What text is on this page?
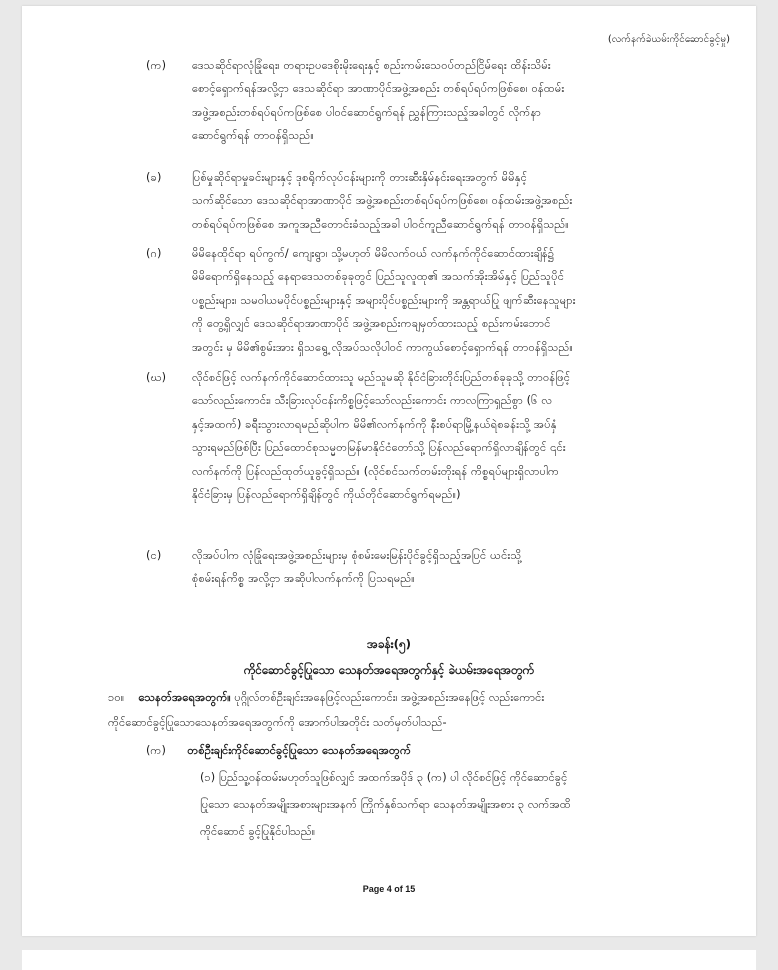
(လက်နက်ခဲယမ်းကိုင်ဆောင်ခွင့်မှု)
(က) ဒေသဆိုင်ရာလုံခြုံရေး၊ တရားဥပဒေစိုးမိုးရေးနှင့် စည်းကမ်းသေဝပ်တည်ငြိမ်ရေး ထိန်းသိမ်း
စောင့်ရှောက်ရန်အလို့ငှာ ဒေသဆိုင်ရာ အာဏာပိုင်အဖွဲ့အစည်း တစ်ရပ်ရပ်ကဖြစ်စေ၊ ဝန်ထမ်း
အဖွဲ့အစည်းတစ်ရပ်ရပ်ကဖြစ်စေ ပါဝင်ဆောင်ရွက်ရန် ညွှန်ကြားသည့်အခါတွင် လိုက်နာ
ဆောင်ရွက်ရန် တာဝန်ရှိသည်။
(ခ)	ပြစ်မှုဆိုင်ရာမှုခင်းများနှင့် ဒုစရိုက်လုပ်ငန်းများကို တားဆီးနှိမ်နင်းရေးအတွက် မိမိနှင့်
သက်ဆိုင်သော ဒေသဆိုင်ရာအာဏာပိုင် အဖွဲ့အစည်းတစ်ရပ်ရပ်ကဖြစ်စေ၊ ဝန်ထမ်းအဖွဲ့အစည်း
တစ်ရပ်ရပ်ကဖြစ်စေ အကူအညီတောင်းခံသည့်အခါ ပါဝင်ကူညီဆောင်ရွက်ရန် တာဝန်ရှိသည်။
(ဂ)	မိမိနေထိုင်ရာ ရပ်ကွက်/ ကျေးရွာ၊ သို့မဟုတ် မိမိလက်ဝယ် လက်နက်ကိုင်ဆောင်ထားချိန်၌
မိမိရောက်ရှိနေသည့် နေရာဒေသတစ်ခုခုတွင် ပြည်သူလူထု၏ အသက်အိုးအိမ်နှင့် ပြည်သူပိုင်
ပစ္စည်းများ၊ သမဝါယမပိုင်ပစ္စည်းများနှင့် အများပိုင်ပစ္စည်းများကို အန္တရာယ်ပြု ဖျက်ဆီးနေသူများ
ကို တွေ့ရှိလျှင် ဒေသဆိုင်ရာအာဏာပိုင် အဖွဲ့အစည်းကချမှတ်ထားသည့် စည်းကမ်းဘောင်
အတွင်း မှ မိမိ၏စွမ်းအား ရှိသရွေ့ လိုအပ်သလိုပါဝင် ကာကွယ်စောင့်ရှောက်ရန် တာဝန်ရှိသည်။
(ဃ) လိုင်စင်ဖြင့် လက်နက်ကိုင်ဆောင်ထားသူ မည်သူမဆို နိုင်ငံခြားတိုင်းပြည်တစ်ခုခုသို့ တာဝန်ဖြင့်
သော်လည်းကောင်း၊ သီးခြားလုပ်ငန်းကိစ္စဖြင့်သော်လည်းကောင်း ကာလကြာရှည်စွာ (၆ လ
နှင့်အထက်) ခရီးသွားလာရမည်ဆိုပါက မိမိ၏လက်နက်ကို နီးစပ်ရာမြို့နယ်ရဲစခန်းသို့ အပ်နှံ
သွားရမည်ဖြစ်ပြီး ပြည်ထောင်စုသမ္မတမြန်မာနိုင်ငံတော်သို့ ပြန်လည်ရောက်ရှိလာချိန်တွင် ၎င်း
လက်နက်ကို ပြန်လည်ထုတ်ယူခွင့်ရှိသည်။ (လိုင်စင်သက်တမ်းတိုးရန် ကိစ္စရပ်များရှိလာပါက
နိုင်ငံခြားမှ ပြန်လည်ရောက်ရှိချိန်တွင် ကိုယ်တိုင်ဆောင်ရွက်ရမည်။)
(င)	လိုအပ်ပါက လုံခြုံရေးအဖွဲ့အစည်းများမှ စုံစမ်းမေးမြန်းပိုင်ခွင့်ရှိသည့်အပြင် ယင်းသို့
စုံစမ်းရန်ကိစ္စ အလို့ငှာ အဆိုပါလက်နက်ကို ပြသရမည်။
အခန်း(၅)
ကိုင်ဆောင်ခွင့်ပြုသော သေနတ်အရေအတွက်နှင့် ခဲယမ်းအရေအတွက်
၁၀။ သေနတ်အရေအတွက်။ ပုဂ္ဂိုလ်တစ်ဦးချင်းအနေဖြင့်လည်းကောင်း၊ အဖွဲ့အစည်းအနေဖြင့် လည်းကောင်း
ကိုင်ဆောင်ခွင့်ပြုသောသေနတ်အရေအတွက်ကို အောက်ပါအတိုင်း သတ်မှတ်ပါသည်-
(က) တစ်ဦးချင်းကိုင်ဆောင်ခွင့်ပြုသော သေနတ်အရေအတွက်
(၁) ပြည်သူ့ဝန်ထမ်းမဟုတ်သူဖြစ်လျှင် အထက်အပိုဒ် ၃ (က) ပါ လိုင်စင်ဖြင့် ကိုင်ဆောင်ခွင့်
ပြုသော သေနတ်အမျိုးအစားများအနက် ကြိုက်နှစ်သက်ရာ သေနတ်အမျိုးအစား ၃ လက်အထိ
ကိုင်ဆောင် ခွင့်ပြုနိုင်ပါသည်။
Page 4 of 15
